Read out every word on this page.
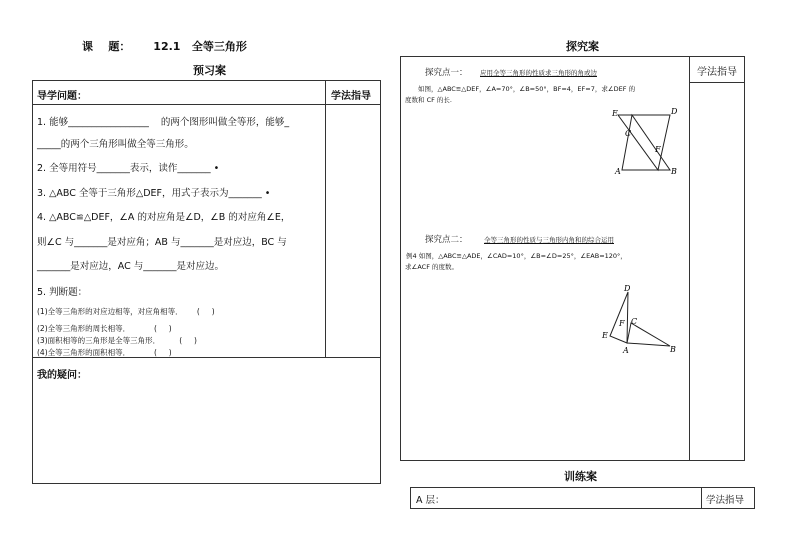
课    题：      12.1   全等三角形
预习案
导学问题：	学法指导
1. 能够_________________    的两个图形叫做全等形，能够_
_____的两个三角形叫做全等三角形。
2. 全等用符号_______表示，读作_______ •
3. △ABC 全等于三角形△DEF，用式子表示为_______ •
4. △ABC≌△DEF，∠A 的对应角是∠D，∠B 的对应角∠E，
则∠C 与_______是对应角；AB 与_______是对应边，BC 与
_______是对应边，AC 与_______是对应边。
5. 判断题：
(1)全等三角形的对应边相等，对应角相等．      (     )
(2)全等三角形的周长相等．          (     )
(3)面积相等的三角形是全等三角形．        (     )
(4)全等三角形的面积相等．          (     )
我的疑问：
探究案
学法指导
探究点一： 应用全等三角形的性质求三角形的角或边
如图，△ABC≌△DEF，∠A=70°，∠B=50°，BF=4，EF=7，求∠DEF 的
度数和 CF 的长.
E	D
C
F
A	B
探究点二：	全等三角形的性质与三角形内角和的综合运用
例4 如图，△ABC≌△ADE，∠CAD=10°，∠B=∠D=25°，∠EAB=120°，
求∠ACF 的度数。
D
F C
E
A	B
训练案
A 层：	学法指导
